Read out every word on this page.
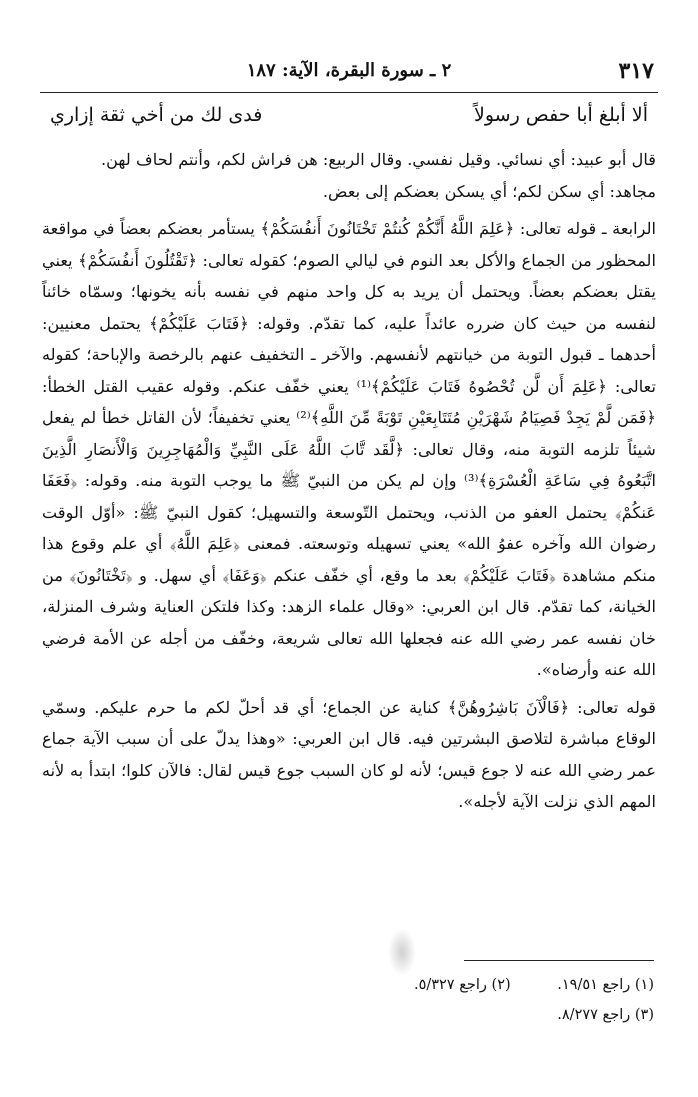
٣١٧
٢ ـ سورة البقرة، الآية: ١٨٧
ألا أبلغ أبا حفص رسولاً
فدى لك من أخي ثقة إزاري

قال أبو عبيد: أي نسائي. وقيل نفسي. وقال الربيع: هن فراش لكم، وأنتم لحاف لهن.

مجاهد: أي سكن لكم؛ أي يسكن بعضكم إلى بعض.

الرابعة ـ قوله تعالى: ﴿عَلِمَ اللَّهُ أَنَّكُمْ كُنتُمْ تَخْتَانُونَ أَنفُسَكُمْ﴾ يستأمر بعضكم بعضاً في مواقعة المحظور من الجماع والأكل بعد النوم في ليالي الصوم؛ كقوله تعالى: ﴿تَقْتُلُونَ أَنفُسَكُمْ﴾ يعني يقتل بعضكم بعضاً. ويحتمل أن يريد به كل واحد منهم في نفسه بأنه يخونها؛ وسمّاه خائناً لنفسه من حيث كان ضرره عائداً عليه، كما تقدّم. وقوله: ﴿فَتَابَ عَلَيْكُمْ﴾ يحتمل معنيين: أحدهما ـ قبول التوبة من خيانتهم لأنفسهم. والآخر ـ التخفيف عنهم بالرخصة والإباحة؛ كقوله تعالى: ﴿عَلِمَ أَن لَّن تُحْصُوهُ فَتَابَ عَلَيْكُمْ﴾⁽¹⁾ يعني خفّف عنكم. وقوله عقيب القتل الخطأ: ﴿فَمَن لَّمْ يَجِدْ فَصِيَامُ شَهْرَيْنِ مُتَتَابِعَيْنِ تَوْبَةً مِّنَ اللَّهِ﴾⁽²⁾ يعني تخفيفاً؛ لأن القاتل خطأ لم يفعل شيئاً تلزمه التوبة منه، وقال تعالى: ﴿لَّقَد تَّابَ اللَّهُ عَلَى النَّبِيِّ وَالْمُهَاجِرِينَ وَالْأَنصَارِ الَّذِينَ اتَّبَعُوهُ فِي سَاعَةِ الْعُسْرَةِ﴾⁽³⁾ وإن لم يكن من النبيّ ﷺ ما يوجب التوبة منه. وقوله: ﴿فَعَفَا عَنكُمْ﴾ يحتمل العفو من الذنب، ويحتمل التّوسعة والتسهيل؛ كقول النبيّ ﷺ: «أوّل الوقت رضوان الله وآخره عفوُ الله» يعني تسهيله وتوسعته. فمعنى ﴿عَلِمَ اللَّهُ﴾ أي علم وقوع هذا منكم مشاهدة ﴿فَتَابَ عَلَيْكُمْ﴾ بعد ما وقع، أي خفّف عنكم ﴿وَعَفَا﴾ أي سهل. و ﴿تَخْتَانُونَ﴾ من الخيانة، كما تقدّم. قال ابن العربي: «وقال علماء الزهد: وكذا فلتكن العناية وشرف المنزلة، خان نفسه عمر رضي الله عنه فجعلها الله تعالى شريعة، وخفّف من أجله عن الأمة فرضي الله عنه وأرضاه».

قوله تعالى: ﴿فَالْآنَ بَاشِرُوهُنَّ﴾ كناية عن الجماع؛ أي قد أحلّ لكم ما حرم عليكم. وسمّي الوقاع مباشرة لتلاصق البشرتين فيه. قال ابن العربي: «وهذا يدلّ على أن سبب الآية جماع عمر رضي الله عنه لا جوع قيس؛ لأنه لو كان السبب جوع قيس لقال: فالآن كلوا؛ ابتدأ به لأنه المهم الذي نزلت الآية لأجله».

(١) راجع ١٩/٥١. (٢) راجع ٥/٣٢٧.
(٣) راجع ٨/٢٧٧.
